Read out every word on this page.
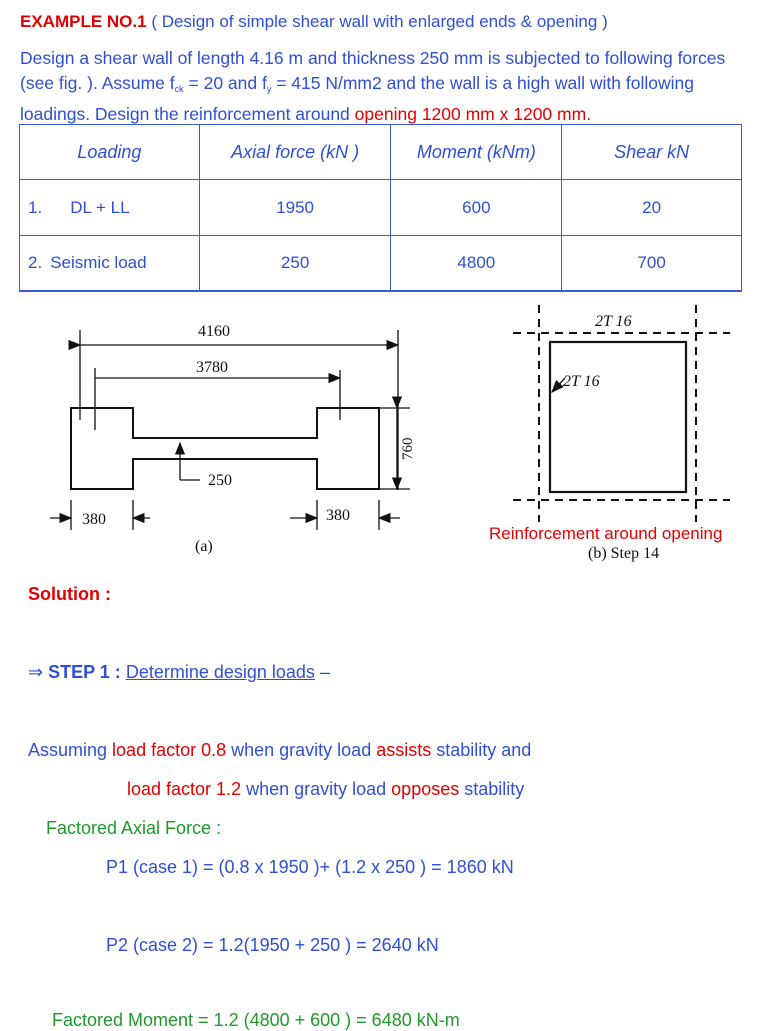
EXAMPLE NO.1 ( Design of simple shear wall with enlarged ends & opening )
Design a shear wall of length 4.16 m and thickness 250 mm is subjected to following forces (see fig. ). Assume $f_{ck} = 20$ and $f_y = 415$ N/mm2 and the wall is a high wall with following loadings. Design the reinforcement around opening 1200 mm x 1200 mm.
Loading	Axial force (kN )	Moment (kNm)	Shear kN
1. DL + LL	1950	600	20
2. Seismic load	250	4800	700
4160
3780
250
760
380	380
(a)
2T 16
2T 16
Reinforcement around opening
(b) Step 14
Solution :
⇒ STEP 1 : Determine design loads –
Assuming load factor 0.8 when gravity load assists stability and
load factor 1.2 when gravity load opposes stability
Factored Axial Force :
P1 (case 1) = (0.8 x 1950 )+ (1.2 x 250 ) = 1860 kN
P2 (case 2) = 1.2(1950 + 250 ) = 2640 kN
Factored Moment = 1.2 (4800 + 600 ) = 6480 kN-m
